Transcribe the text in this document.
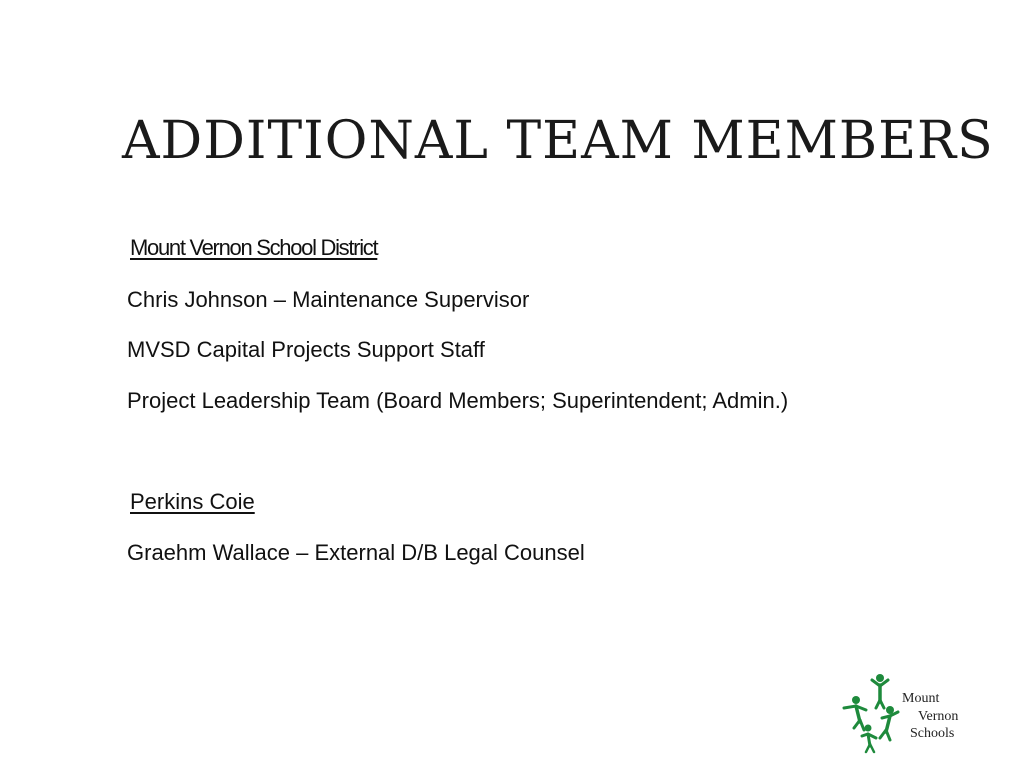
ADDITIONAL TEAM MEMBERS

Mount Vernon School District

Chris Johnson – Maintenance Supervisor

MVSD Capital Projects Support Staff

Project Leadership Team (Board Members; Superintendent; Admin.)

Perkins Coie

Graehm Wallace – External D/B Legal Counsel

Mount
Vernon
Schools
